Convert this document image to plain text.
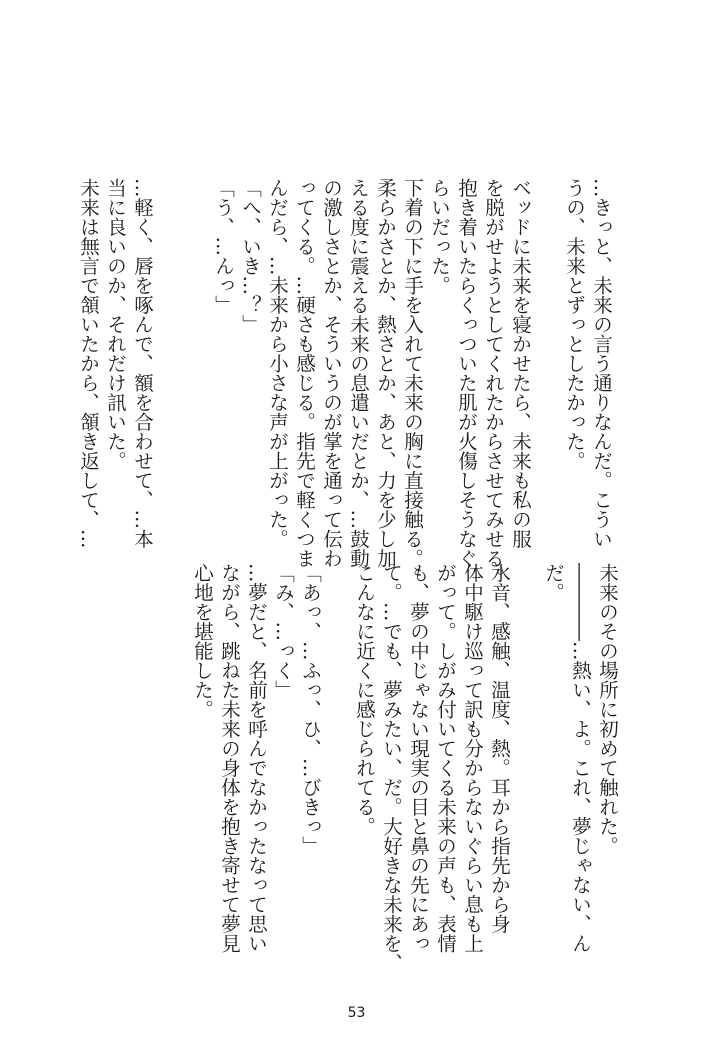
…きっと、未来の言う通りなんだ。こうい
うの、未来とずっとしたかった。

ベッドに未来を寝かせたら、未来も私の服
を脱がせようとしてくれたからさせてみせる。
抱き着いたらくっついた肌が火傷しそうなぐ
らいだった。
下着の下に手を入れて未来の胸に直接触る。
柔らかさとか、熱さとか、あと、力を少し加
える度に震える未来の息遣いだとか、…鼓動
の激しさとか、そういうのが掌を通って伝わ
ってくる。…硬さも感じる。指先で軽くつま
んだら、…未来から小さな声が上がった。
「へ、いき…？」
「う、…んっ」

…軽く、唇を啄んで、額を合わせて、…本
当に良いのか、それだけ訊いた。
未来は無言で頷いたから、頷き返して、…
未来のその場所に初めて触れた。
――――…熱い、よ。これ、夢じゃない、ん
だ。

水音、感触、温度、熱。耳から指先から身
体中駆け巡って訳も分からないぐらい息も上
がって。しがみ付いてくる未来の声も、表情
も、夢の中じゃない現実の目と鼻の先にあっ
て。…でも、夢みたい、だ。大好きな未来を、
こんなに近くに感じられてる。

「あっ、…ふっ、ひ、…びきっ」
「み、…っく」
…夢だと、名前を呼んでなかったなって思い
ながら、跳ねた未来の身体を抱き寄せて夢見
心地を堪能した。
53
